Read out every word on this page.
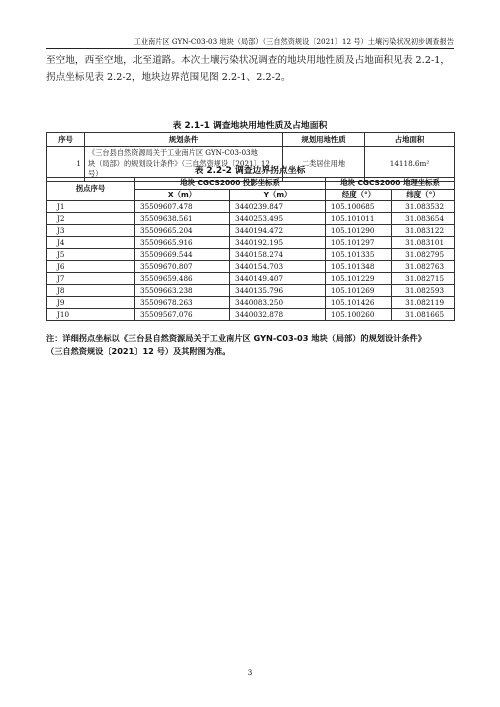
工业南片区 GYN-C03-03 地块（局部）（三自然资规设〔2021〕12 号）土壤污染状况初步调查报告
至空地，西至空地，北至道路。本次土壤污染状况调查的地块用地性质及占地面积见表 2.2-1，
拐点坐标见表 2.2-2，地块边界范围见图 2.2-1、2.2-2。
表 2.1-1 调查地块用地性质及占地面积
序号	规划条件	规划用地性质	占地面积
1	《三台县自然资源局关于工业南片区 GYN-C03-03地
块（局部）的规划设计条件》（三自然资规设〔2021〕12
号）	二类居住用地	14118.6m²
表 2.2-2 调查边界拐点坐标
拐点序号	地块 CGCS2000 投影坐标系		地块 CGCS2000 地理坐标系	
	X（m）	Y（m）	经度（°）	纬度（°）
J1	35509607.478	3440239.847	105.100685	31.083532
J2	35509638.561	3440253.495	105.101011	31.083654
J3	35509665.204	3440194.472	105.101290	31.083122
J4	35509665.916	3440192.195	105.101297	31.083101
J5	35509669.544	3440158.274	105.101335	31.082795
J6	35509670.807	3440154.703	105.101348	31.082763
J7	35509659.486	3440149.407	105.101229	31.082715
J8	35509663.238	3440135.796	105.101269	31.082593
J9	35509678.263	3440083.250	105.101426	31.082119
J10	35509567.076	3440032.878	105.100260	31.081665
注：详细拐点坐标以《三台县自然资源局关于工业南片区 GYN-C03-03 地块（局部）的规划设计条件》
（三自然资规设〔2021〕12 号）及其附图为准。
3
